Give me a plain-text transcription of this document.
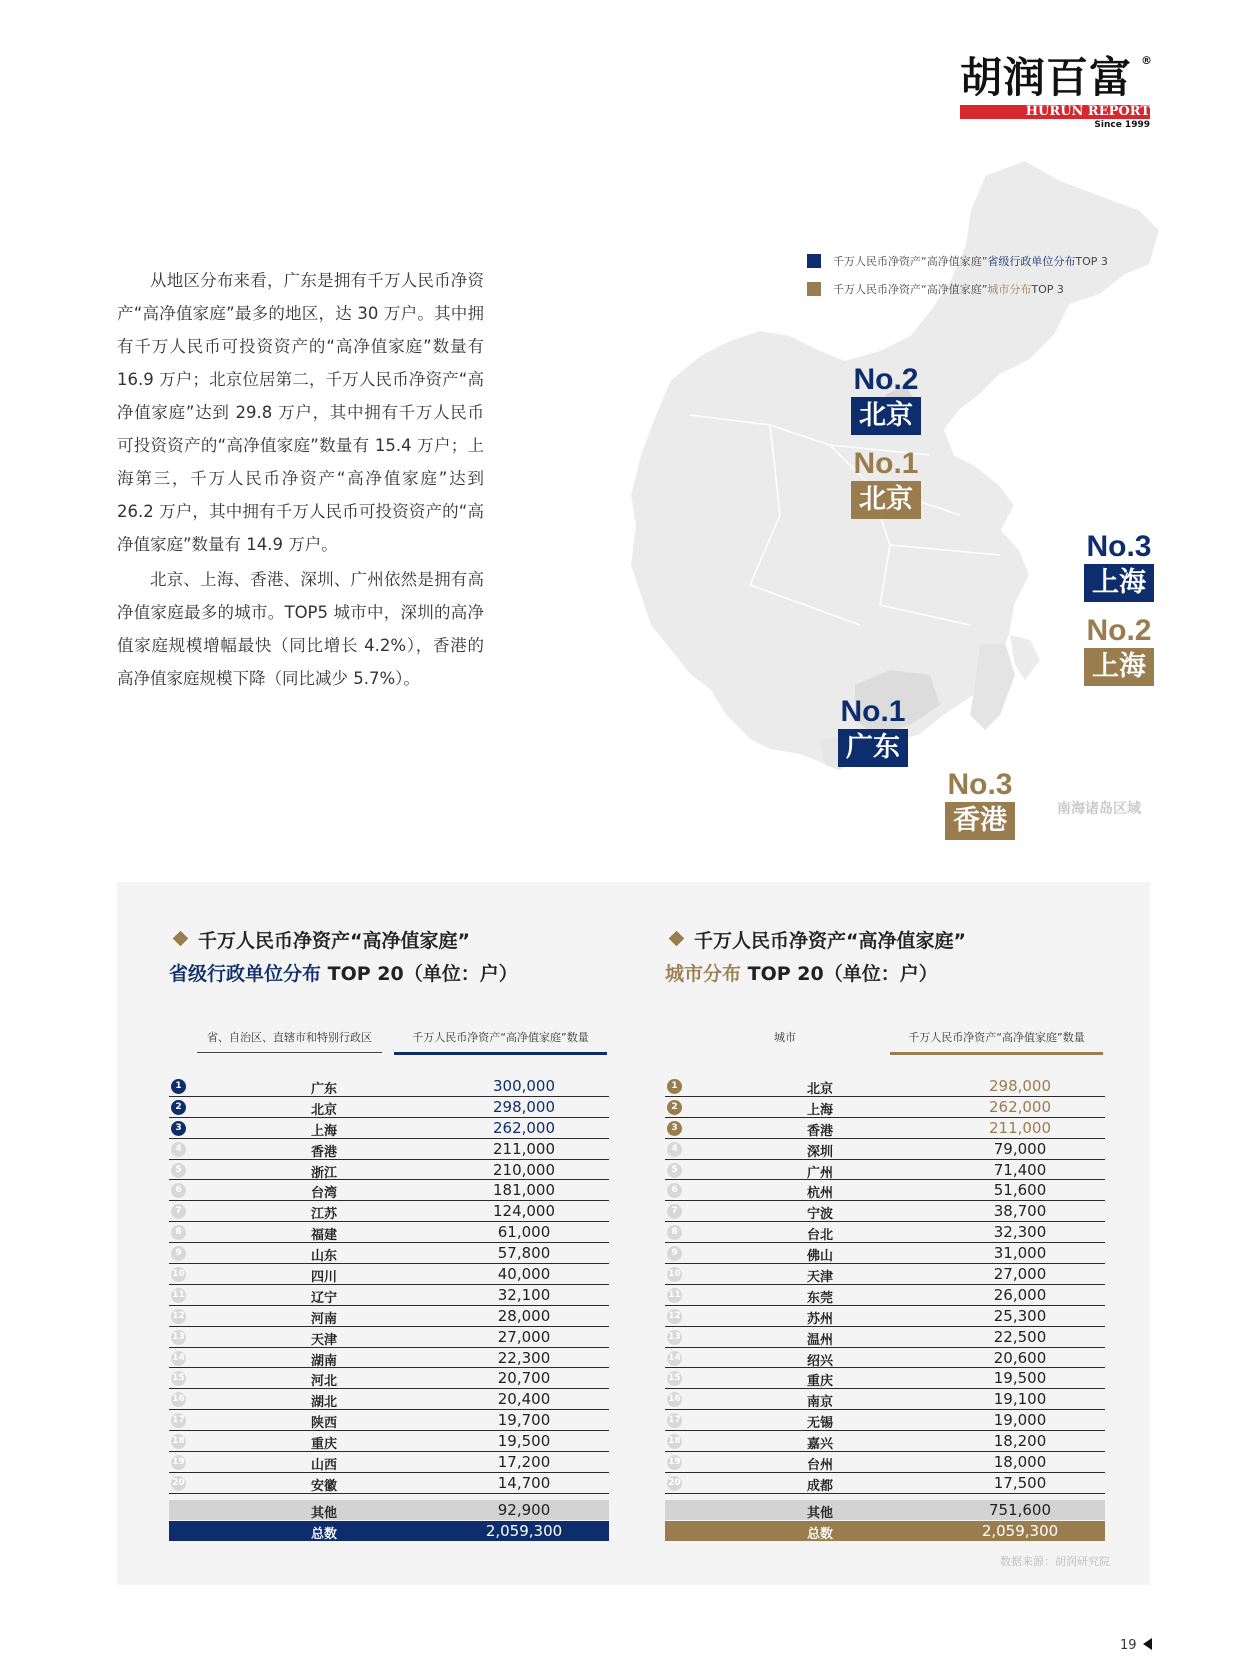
胡润百富 ®
HURUN REPORT
Since 1999
千万人民币净资产“高净值家庭” 省级行政单位分布 TOP 3
千万人民币净资产“高净值家庭” 城市分布 TOP 3
No.2
北京
No.1
北京
No.3
上海
No.2
上海
No.1
广东
No.3
香港	南海诸岛区域

从地区分布来看，广东是拥有千万人民币净资产“高净值家庭”最多的地区，达 30 万户。其中拥有千万人民币可投资资产的“高净值家庭”数量有 16.9 万户；北京位居第二，千万人民币净资产“高净值家庭”达到 29.8 万户，其中拥有千万人民币可投资资产的“高净值家庭”数量有 15.4 万户；上海第三，千万人民币净资产“高净值家庭”达到 26.2 万户，其中拥有千万人民币可投资资产的“高净值家庭”数量有 14.9 万户。

北京、上海、香港、深圳、广州依然是拥有高净值家庭最多的城市。TOP5 城市中，深圳的高净值家庭规模增幅最快（同比增长 4.2%），香港的高净值家庭规模下降（同比减少 5.7%）。

千万人民币净资产“高净值家庭”
省级行政单位分布 TOP 20（单位：户）
省、自治区、直辖市和特别行政区	千万人民币净资产“高净值家庭”数量
1	广东	300,000
2	北京	298,000
3	上海	262,000
4	香港	211,000
5	浙江	210,000
6	台湾	181,000
7	江苏	124,000
8	福建	61,000
9	山东	57,800
10	四川	40,000
11	辽宁	32,100
12	河南	28,000
13	天津	27,000
14	湖南	22,300
15	河北	20,700
16	湖北	20,400
17	陕西	19,700
18	重庆	19,500
19	山西	17,200
20	安徽	14,700
其他	92,900
总数	2,059,300
千万人民币净资产“高净值家庭”
城市分布 TOP 20（单位：户）
城市	千万人民币净资产“高净值家庭”数量
1	北京	298,000
2	上海	262,000
3	香港	211,000
4	深圳	79,000
5	广州	71,400
6	杭州	51,600
7	宁波	38,700
8	台北	32,300
9	佛山	31,000
10	天津	27,000
11	东莞	26,000
12	苏州	25,300
13	温州	22,500
14	绍兴	20,600
15	重庆	19,500
16	南京	19,100
17	无锡	19,000
18	嘉兴	18,200
19	台州	18,000
20	成都	17,500
其他	751,600
总数	2,059,300
数据来源：胡润研究院
19
